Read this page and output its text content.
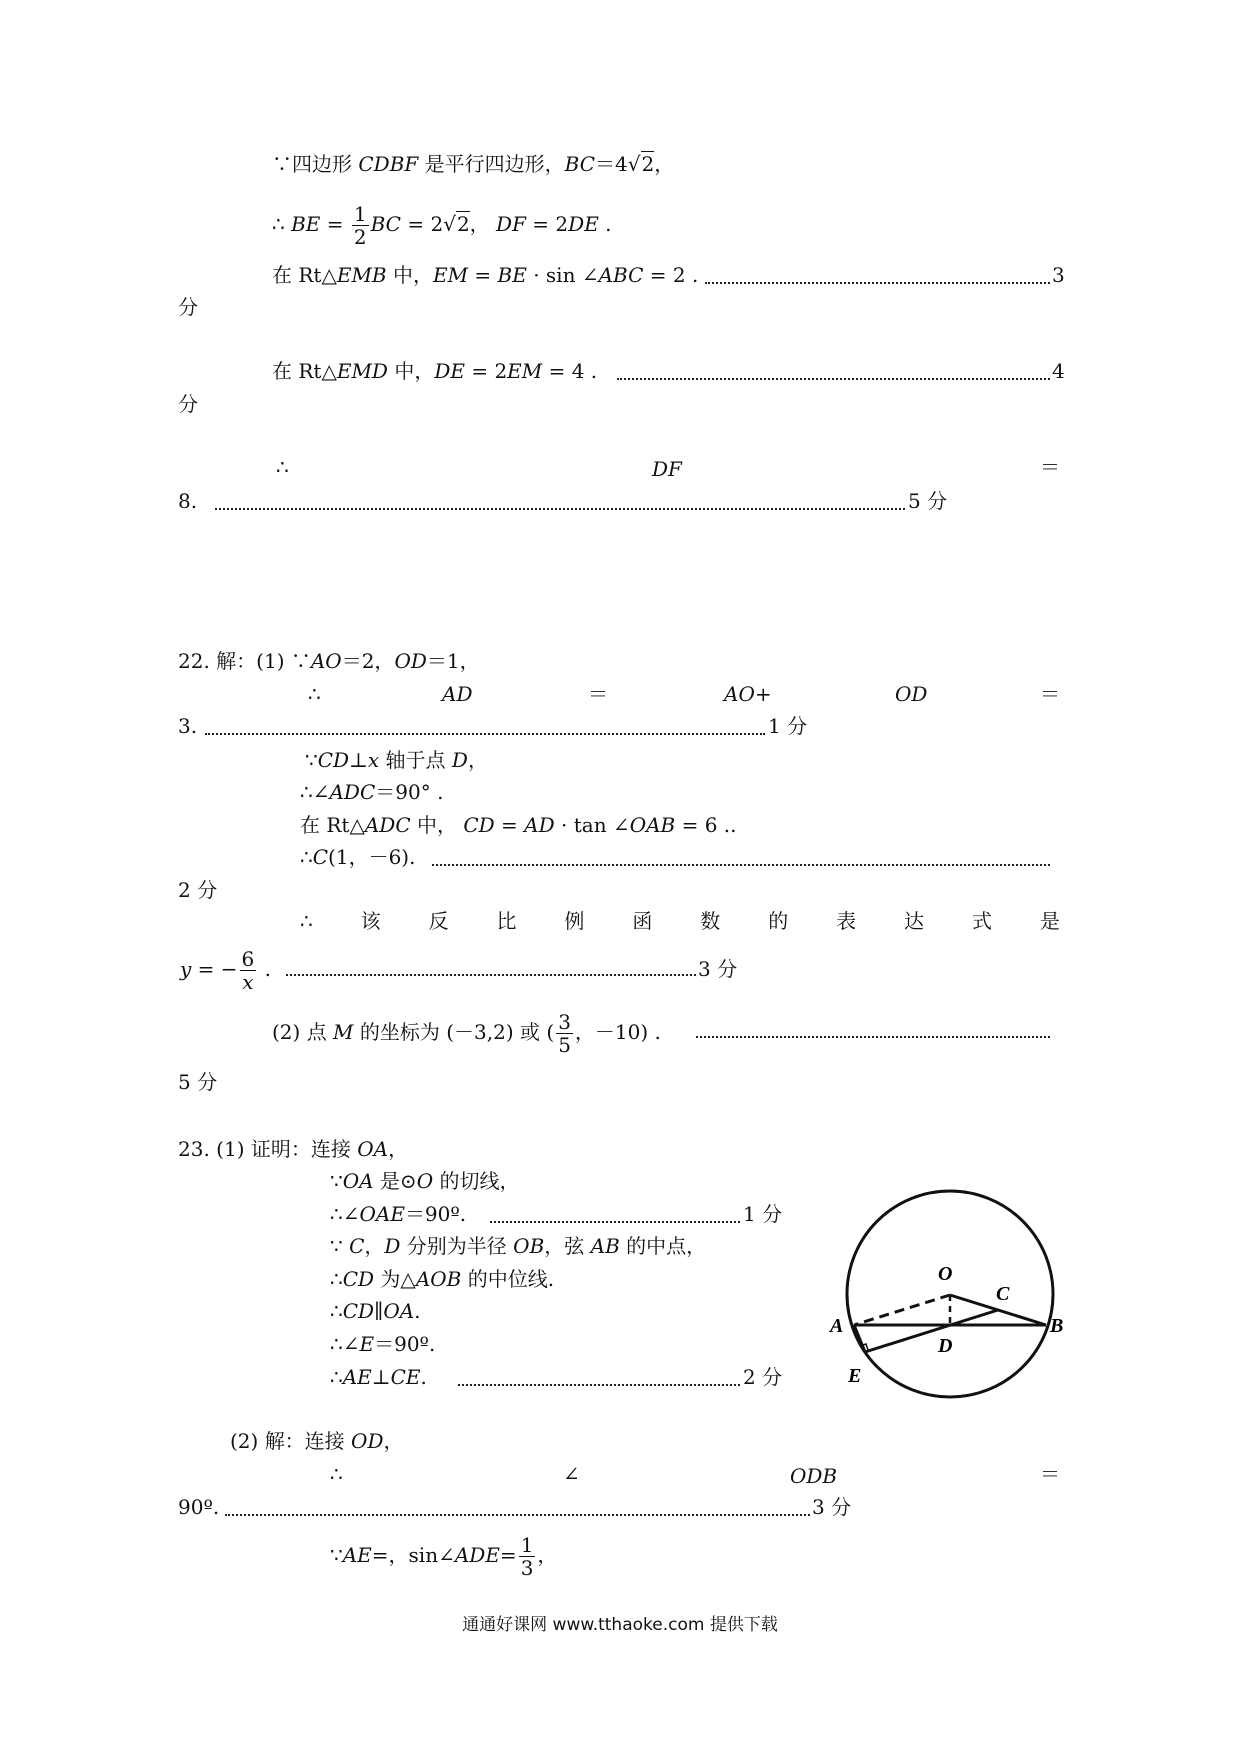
∵四边形 CDBF 是平行四边形，BC＝4√2，
∴ BE = $\frac{1}{2}$ BC = 2√2， DF = 2DE .
在 Rt△EMB 中，EM = BE · sin ∠ABC = 2 .	3
分
在 Rt△EMD 中，DE = 2EM = 4 .	4
分
∴	DF	＝
8.	5 分
22. 解：(1) ∵AO＝2，OD＝1，
∴	AD	＝	AO+	OD	＝
3.	1 分
∵CD⊥x 轴于点 D，
∴∠ADC＝90° .
在 Rt△ADC 中， CD = AD · tan ∠OAB = 6 ..
∴C(1，－6).
2 分
∴ 该 反 比 例 函 数 的 表 达 式 是
y = − $\frac{6}{x}$ .	3 分
(2) 点 M 的坐标为 (－3,2) 或 ( $\frac{3}{5}$ ，－10) .
5 分
23. (1) 证明：连接 OA，
∵OA 是⊙O 的切线，
∴∠OAE＝90º.	1 分
∵ C，D 分别为半径 OB，弦 AB 的中点，
∴CD 为△AOB 的中位线.
∴CD∥OA.
∴∠E＝90º.
∴AE⊥CE.	2 分
(2) 解：连接 OD，
∴	∠	ODB	＝
90º.	3 分
∵AE=，sin∠ADE= $\frac{1}{3}$ ，
O
C
A	B
D
E
通通好课网 www.tthaoke.com 提供下载
